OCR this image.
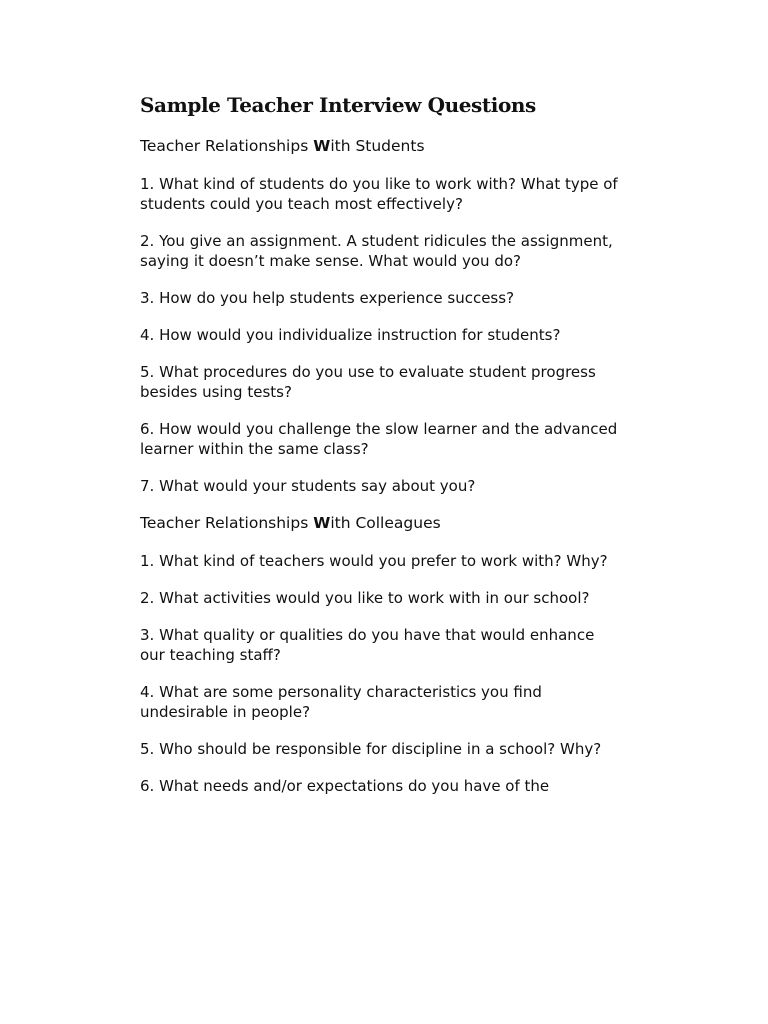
Sample Teacher Interview Questions
Teacher Relationships With Students
1. What kind of students do you like to work with? What type of students could you teach most effectively?
2. You give an assignment. A student ridicules the assignment, saying it doesn’t make sense. What would you do?
3. How do you help students experience success?
4. How would you individualize instruction for students?
5. What procedures do you use to evaluate student progress besides using tests?
6. How would you challenge the slow learner and the advanced learner within the same class?
7. What would your students say about you?
Teacher Relationships With Colleagues
1. What kind of teachers would you prefer to work with? Why?
2. What activities would you like to work with in our school?
3. What quality or qualities do you have that would enhance our teaching staff?
4. What are some personality characteristics you find undesirable in people?
5. Who should be responsible for discipline in a school? Why?
6. What needs and/or expectations do you have of the
